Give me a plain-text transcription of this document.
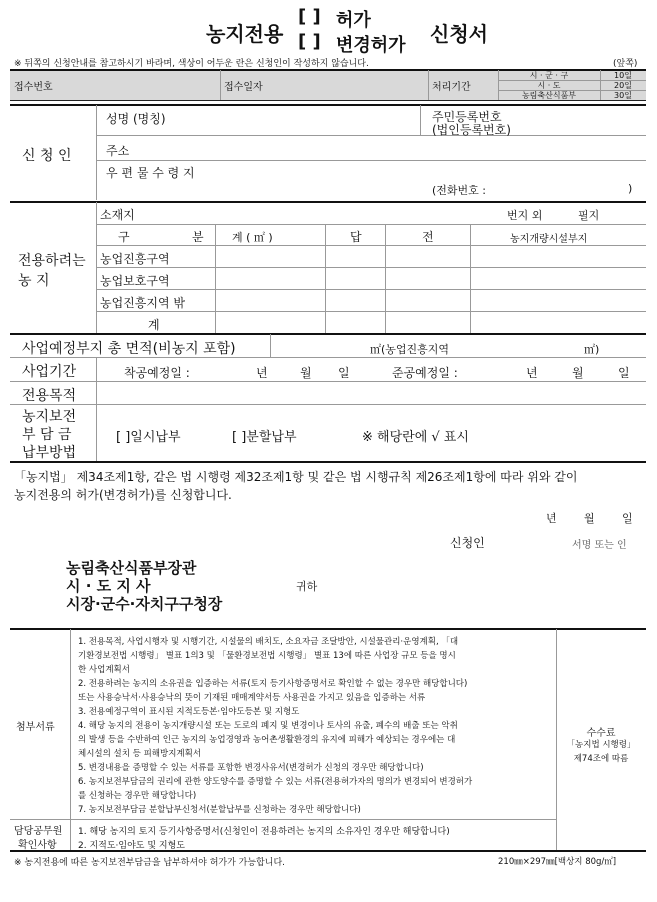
농지전용
[ ] 허가
[ ] 변경허가 신청서
※ 뒤쪽의 신청안내를 참고하시기 바라며, 색상이 어두운 란은 신청인이 작성하지 않습니다.	(앞쪽)
접수번호	접수일자	처리기간
시 · 군 · 구	10일
시 · 도	20일
농림축산식품부	30일
신 청 인
성명 (명칭)	주민등록번호
(법인등록번호)
주소
우 편 물 수 령 지
(전화번호 :	)
전용하려는
농 지
소재지	번지 외	필지
구	분	계 ( ㎡ )	답	전	농지개량시설부지
농업진흥구역
농업보호구역
농업진흥지역 밖
계
사업예정부지 총 면적(비농지 포함)	㎡(농업진흥지역	㎡)
사업기간	착공예정일 :	년	월 일	준공예정일 :	년	월	일
전용목적
농지보전
부 담 금
납부방법
[ ]일시납부	[ ]분할납부	※ 해당란에 √ 표시
「농지법」 제34조제1항, 같은 법 시행령 제32조제1항 및 같은 법 시행규칙 제26조제1항에 따라 위와 같이
농지전용의 허가(변경허가)를 신청합니다.
년 월 일
신청인	서명 또는 인
농림축산식품부장관
시 · 도 지 사
시장·군수·자치구구청장
귀하
첨부서류
1. 전용목적, 사업시행자 및 시행기간, 시설물의 배치도, 소요자금 조달방안, 시설물관리·운영계획, 「대
기환경보전법 시행령」 별표 1의3 및 「물환경보전법 시행령」 별표 13에 따른 사업장 규모 등을 명시
한 사업계획서
2. 전용하려는 농지의 소유권을 입증하는 서류(토지 등기사항증명서로 확인할 수 없는 경우만 해당합니다)
또는 사용승낙서·사용승낙의 뜻이 기재된 매매계약서등 사용권을 가지고 있음을 입증하는 서류
3. 전용예정구역이 표시된 지적도등본·임야도등본 및 지형도
4. 해당 농지의 전용이 농지개량시설 또는 도로의 폐지 및 변경이나 토사의 유출, 폐수의 배출 또는 악취
의 발생 등을 수반하여 인근 농지의 농업경영과 농어촌생활환경의 유지에 피해가 예상되는 경우에는 대
체시설의 설치 등 피해방지계획서
5. 변경내용을 증명할 수 있는 서류를 포함한 변경사유서(변경허가 신청의 경우만 해당합니다)
6. 농지보전부담금의 권리에 관한 양도양수를 증명할 수 있는 서류(전용허가자의 명의가 변경되어 변경허가
를 신청하는 경우만 해당합니다)
7. 농지보전부담금 분할납부신청서(분할납부를 신청하는 경우만 해당합니다)
수수료
「농지법 시행령」
제74조에 따름
담당공무원
확인사항
1. 해당 농지의 토지 등기사항증명서(신청인이 전용하려는 농지의 소유자인 경우만 해당합니다)
2. 지적도·임야도 및 지형도
※ 농지전용에 따른 농지보전부담금을 납부하셔야 허가가 가능합니다.	210㎜×297㎜[백상지 80g/㎡]
